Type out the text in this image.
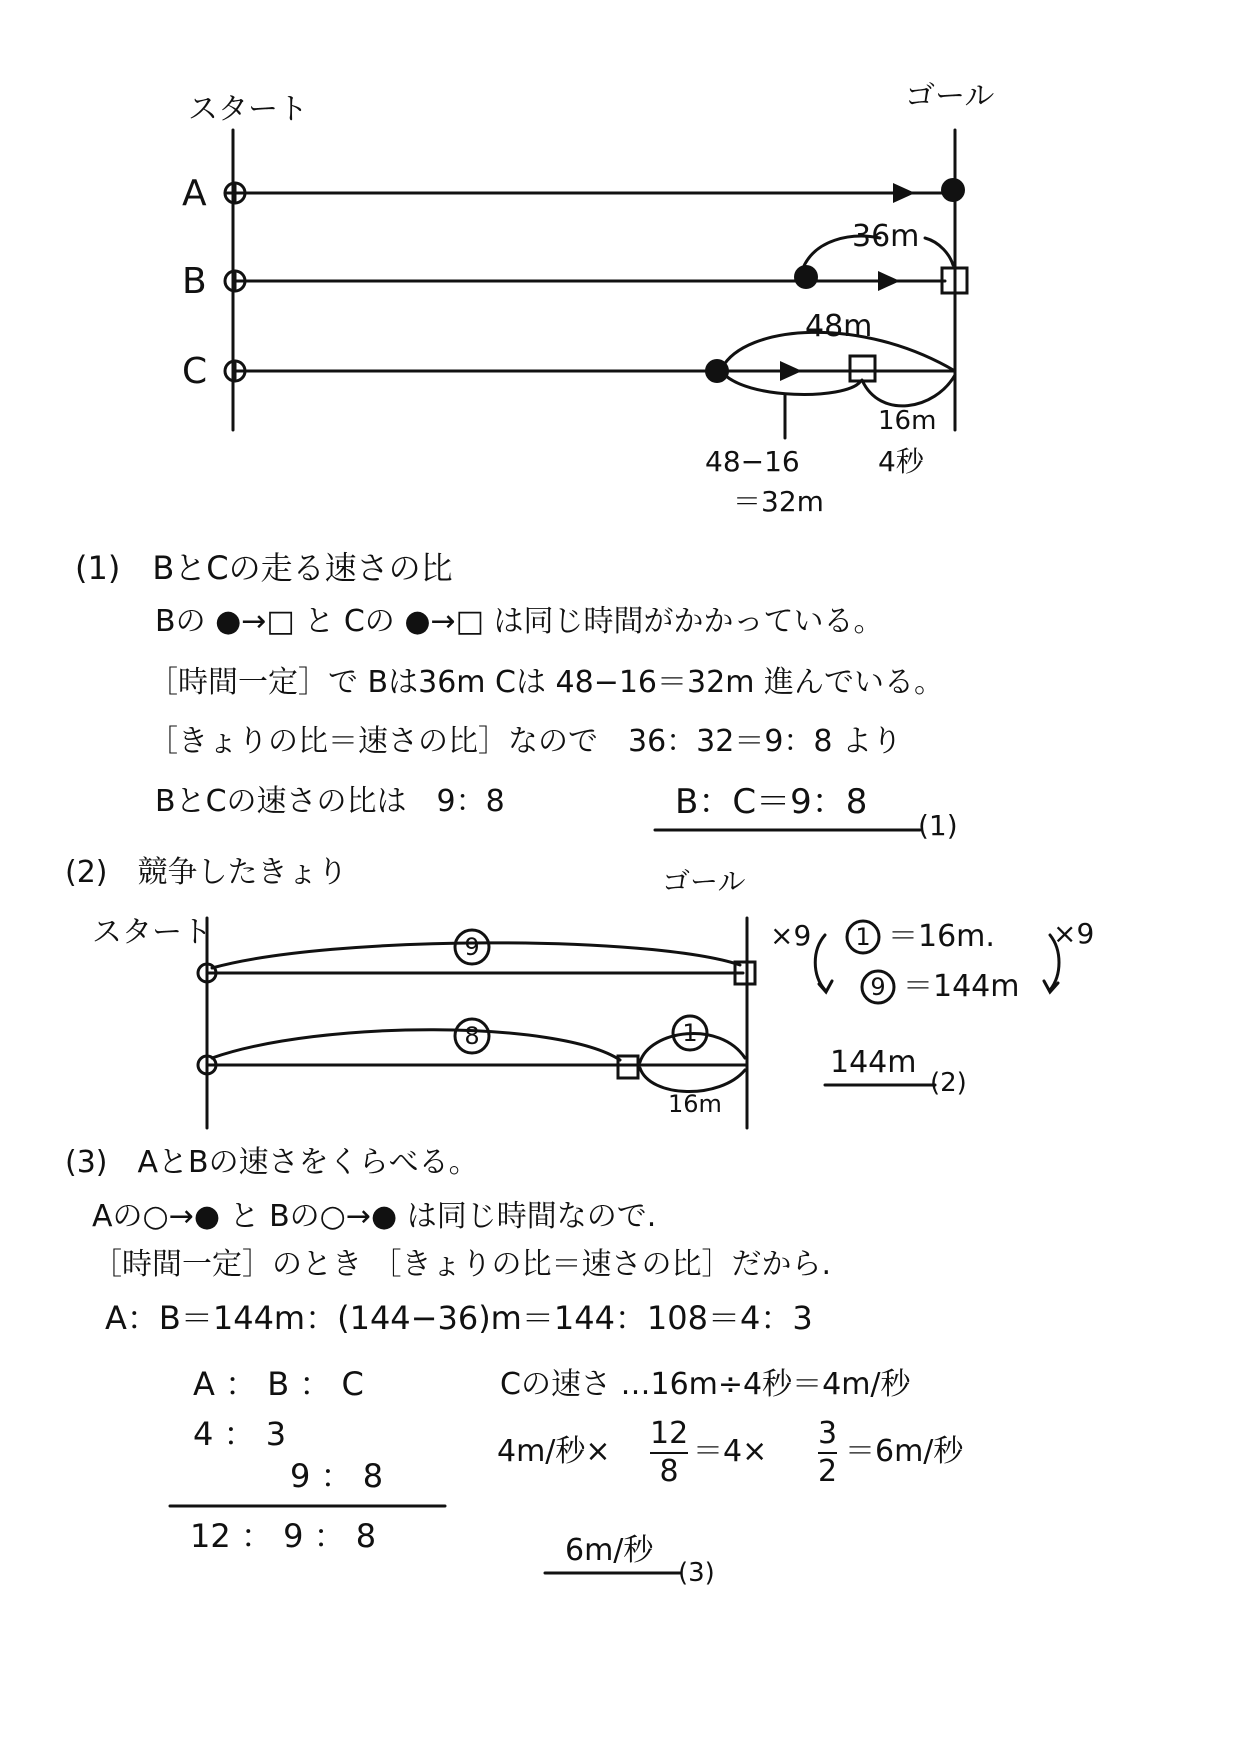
9
8	1
1
9
スタート	ゴール
A
B
C
36m
48m
16m
4秒
48−16
＝32m
(1)　BとCの走る速さの比
Bの ●→□ と Cの ●→□ は同じ時間がかかっている。
［時間一定］で Bは36m Cは 48−16＝32m 進んでいる。
［きょりの比＝速さの比］なので　36：32＝9：8 より
BとCの速さの比は　9：8	B：C＝9：8
(1)
(2)　競争したきょり
スタート
ゴール
16m
×9	×9
＝16m.
＝144m
144m
(2)
(3)　AとBの速さをくらべる。
Aの○→● と Bの○→● は同じ時間なので.
［時間一定］のとき ［きょりの比＝速さの比］だから.
A：B＝144m：(144−36)m＝144：108＝4：3
A ： B ： C
4 ： 3
9 ： 8
12 ： 9 ： 8
Cの速さ …16m÷4秒＝4m/秒
4m/秒×
12
8
＝4×
3
2
＝6m/秒
6m/秒
(3)
